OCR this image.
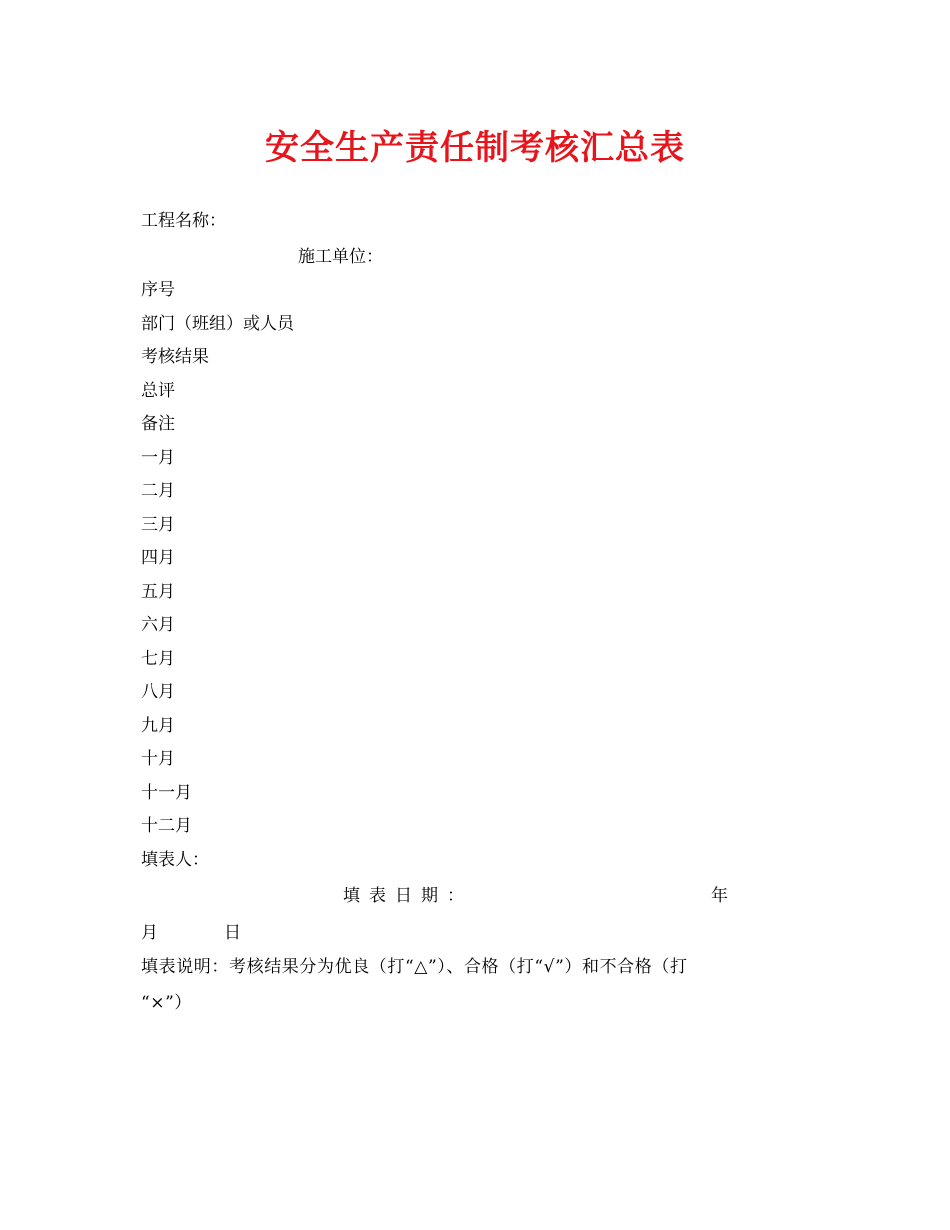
安全生产责任制考核汇总表
工程名称：
施工单位：
序号
部门（班组）或人员
考核结果
总评
备注
一月
二月
三月
四月
五月
六月
七月
八月
九月
十月
十一月
十二月
填表人：
填表日期：	年
月	日
填表说明：考核结果分为优良（打“△”）、合格（打“√”）和不合格（打
“×”）
